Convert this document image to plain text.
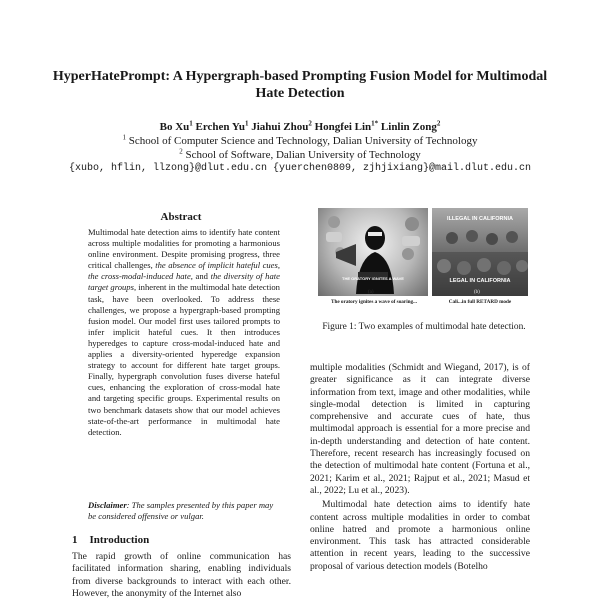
HyperHatePrompt: A Hypergraph-based Prompting Fusion Model for Multimodal Hate Detection
Bo Xu$^1$ Erchen Yu$^1$ Jiahui Zhou$^2$ Hongfei Lin$^{1*}$ Linlin Zong$^2$
$^1$ School of Computer Science and Technology, Dalian University of Technology
$^2$ School of Software, Dalian University of Technology
{xubo, hflin, llzong}@dlut.edu.cn {yuerchen0809, zjhjixiang}@mail.dlut.edu.cn
Abstract
Multimodal hate detection aims to identify hate content across multiple modalities for promoting a harmonious online environment. Despite promising progress, three critical challenges, the absence of implicit hateful cues, the cross-modal-induced hate, and the diversity of hate target groups, inherent in the multimodal hate detection task, have been overlooked. To address these challenges, we propose a hypergraph-based prompting fusion model. Our model first uses tailored prompts to infer implicit hateful cues. It then introduces hyperedges to capture cross-modal-induced hate and applies a diversity-oriented hyperedge expansion strategy to account for different hate target groups. Finally, hypergraph convolution fuses diverse hateful cues, enhancing the exploration of cross-modal hate and targeting specific groups. Experimental results on two benchmark datasets show that our model achieves state-of-the-art performance in multimodal hate detection.
Disclaimer: The samples presented by this paper may be considered offensive or vulgar.
1 Introduction
The rapid growth of online communication has facilitated information sharing, enabling individuals from diverse backgrounds to interact with each other. However, the anonymity of the Internet also
THE ORATORY IGNITES A WAVE
(a)
ILLEGAL IN CALIFORNIA
LEGAL IN CALIFORNIA
(b)
The oratory ignites a wave of soaring...	Cali...in full RETARD mode
Figure 1: Two examples of multimodal hate detection.

multiple modalities (Schmidt and Wiegand, 2017), is of greater significance as it can integrate diverse information from text, image and other modalities, while single-modal detection is limited in capturing comprehensive and accurate cues of hate, thus multimodal approach is essential for a more precise and in-depth understanding and detection of hate content. Therefore, recent research has increasingly focused on the detection of multimodal hate content (Fortuna et al., 2021; Karim et al., 2021; Rajput et al., 2021; Masud et al., 2022; Lu et al., 2023).

Multimodal hate detection aims to identify hate content across multiple modalities in order to combat online hatred and promote a harmonious online environment. This task has attracted considerable attention in recent years, leading to the successive proposal of various detection models (Botelho
